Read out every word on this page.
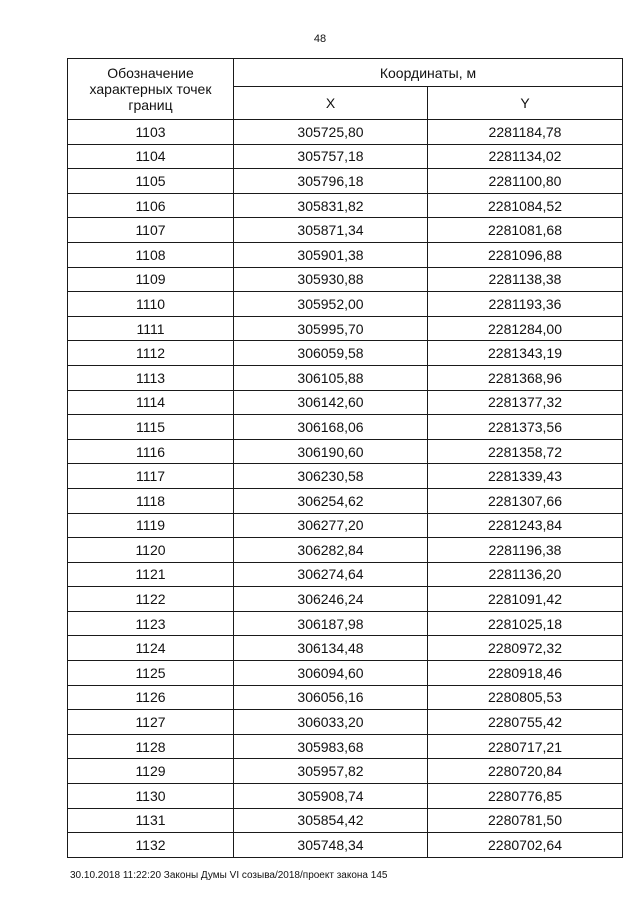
48
Обозначение характерных точек границ	Координаты, м	
	X	Y
1103	305725,80	2281184,78
1104	305757,18	2281134,02
1105	305796,18	2281100,80
1106	305831,82	2281084,52
1107	305871,34	2281081,68
1108	305901,38	2281096,88
1109	305930,88	2281138,38
1110	305952,00	2281193,36
1111	305995,70	2281284,00
1112	306059,58	2281343,19
1113	306105,88	2281368,96
1114	306142,60	2281377,32
1115	306168,06	2281373,56
1116	306190,60	2281358,72
1117	306230,58	2281339,43
1118	306254,62	2281307,66
1119	306277,20	2281243,84
1120	306282,84	2281196,38
1121	306274,64	2281136,20
1122	306246,24	2281091,42
1123	306187,98	2281025,18
1124	306134,48	2280972,32
1125	306094,60	2280918,46
1126	306056,16	2280805,53
1127	306033,20	2280755,42
1128	305983,68	2280717,21
1129	305957,82	2280720,84
1130	305908,74	2280776,85
1131	305854,42	2280781,50
1132	305748,34	2280702,64
30.10.2018 11:22:20 Законы Думы VI созыва/2018/проект закона 145
